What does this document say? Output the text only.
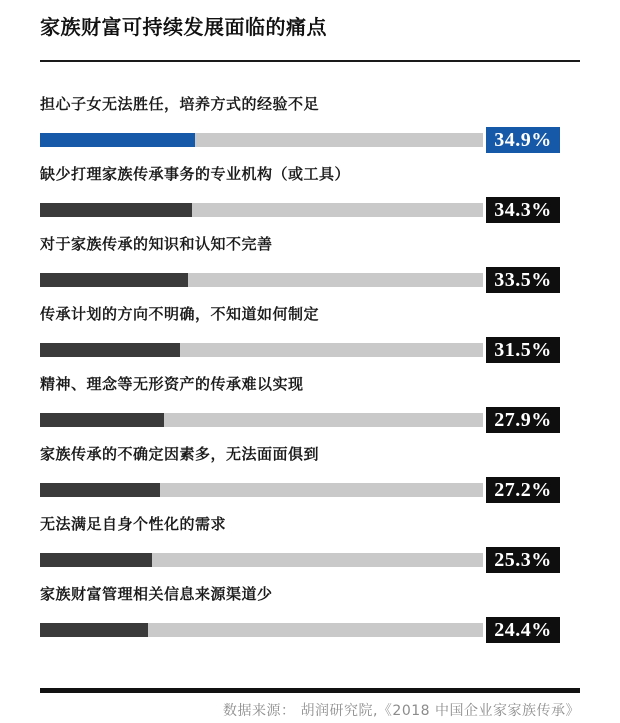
家族财富可持续发展面临的痛点
担心子女无法胜任，培养方式的经验不足
34.9%
缺少打理家族传承事务的专业机构（或工具）
34.3%
对于家族传承的知识和认知不完善
33.5%
传承计划的方向不明确，不知道如何制定
31.5%
精神、理念等无形资产的传承难以实现
27.9%
家族传承的不确定因素多，无法面面俱到
27.2%
无法满足自身个性化的需求
25.3%
家族财富管理相关信息来源渠道少
24.4%
数据来源： 胡润研究院,《2018 中国企业家家族传承》
